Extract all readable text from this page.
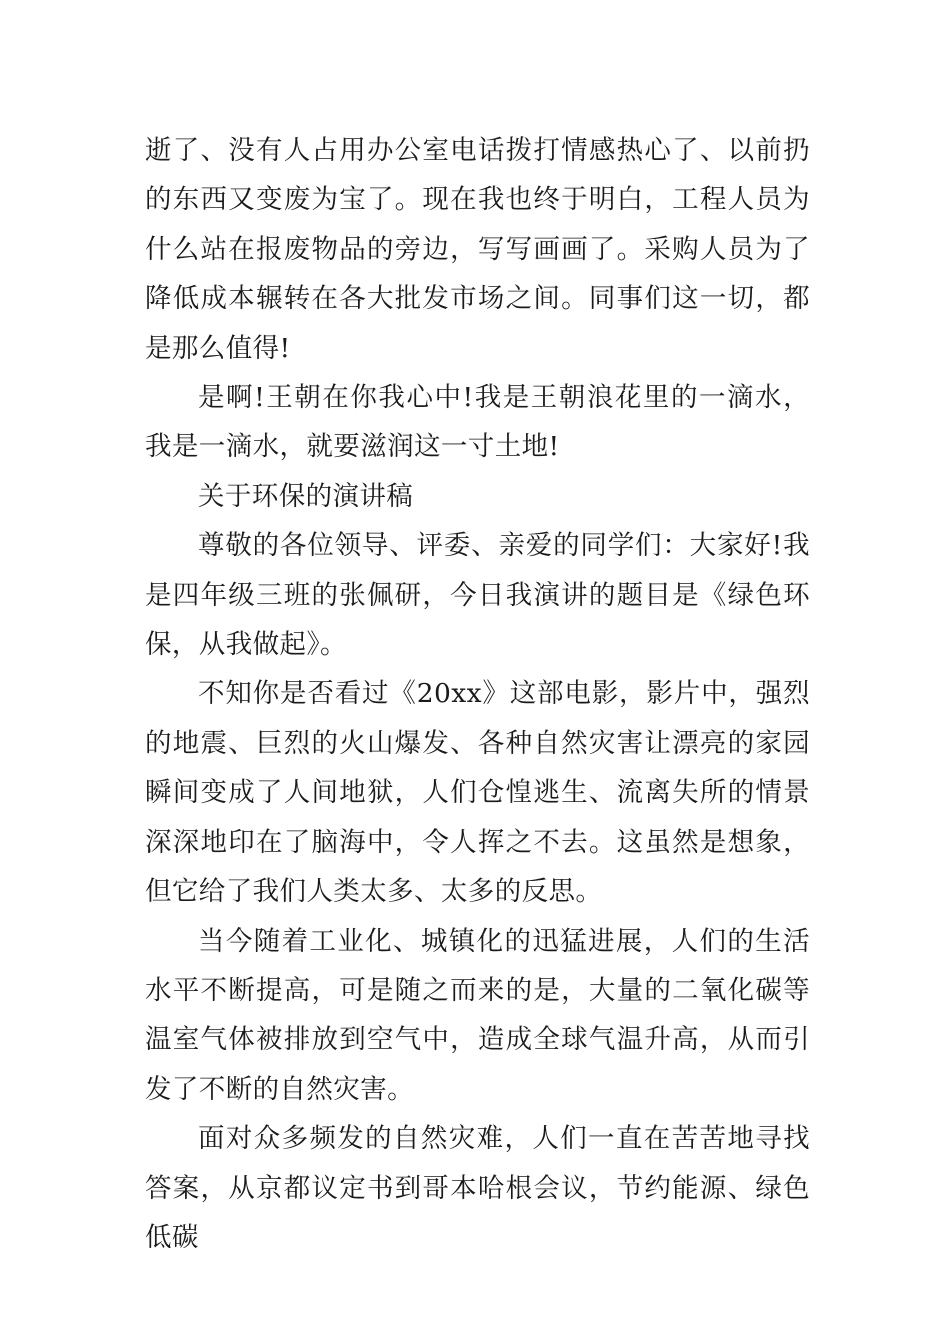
逝了、没有人占用办公室电话拨打情感热心了、以前扔的东西又变废为宝了。现在我也终于明白，工程人员为什么站在报废物品的旁边，写写画画了。采购人员为了降低成本辗转在各大批发市场之间。同事们这一切，都是那么值得!

是啊!王朝在你我心中!我是王朝浪花里的一滴水，我是一滴水，就要滋润这一寸土地!

关于环保的演讲稿

尊敬的各位领导、评委、亲爱的同学们：大家好!我是四年级三班的张佩研，今日我演讲的题目是《绿色环保，从我做起》。

不知你是否看过《20xx》这部电影，影片中，强烈的地震、巨烈的火山爆发、各种自然灾害让漂亮的家园瞬间变成了人间地狱，人们仓惶逃生、流离失所的情景深深地印在了脑海中，令人挥之不去。这虽然是想象，但它给了我们人类太多、太多的反思。

当今随着工业化、城镇化的迅猛进展，人们的生活水平不断提高，可是随之而来的是，大量的二氧化碳等温室气体被排放到空气中，造成全球气温升高，从而引发了不断的自然灾害。

面对众多频发的自然灾难，人们一直在苦苦地寻找答案，从京都议定书到哥本哈根会议，节约能源、绿色低碳
